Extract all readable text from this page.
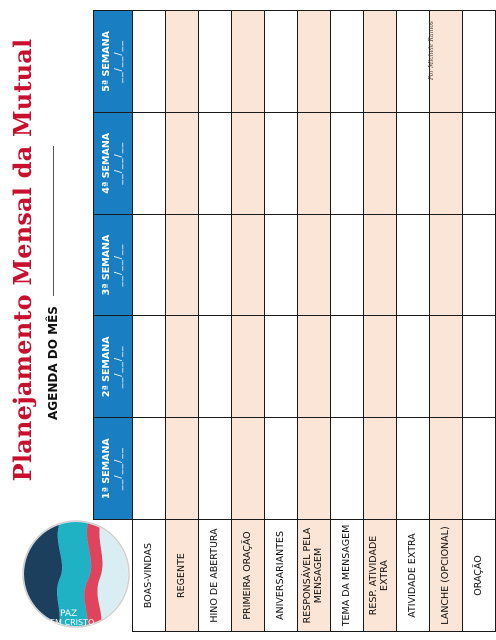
PAZ
EM CRISTO
Planejamento Mensal da Mutual AGENDA DO MÊS
	1ª SEMANA __/__/__	2ª SEMANA __/__/__	3ª SEMANA __/__/__	4ª SEMANA __/__/__	5ª SEMANA __/__/__

BOAS-VINDAS					
REGENTE					
HINO DE ABERTURA					
PRIMEIRA ORAÇÃO					
ANIVERSARIANTES					
RESPONSÁVEL PELA MENSAGEM					
TEMA DA MENSAGEM					
RESP. ATIVIDADE EXTRA					
ATIVIDADE EXTRA					
LANCHE (OPCIONAL)					
ORAÇÃO					
Por Michele Ramos
